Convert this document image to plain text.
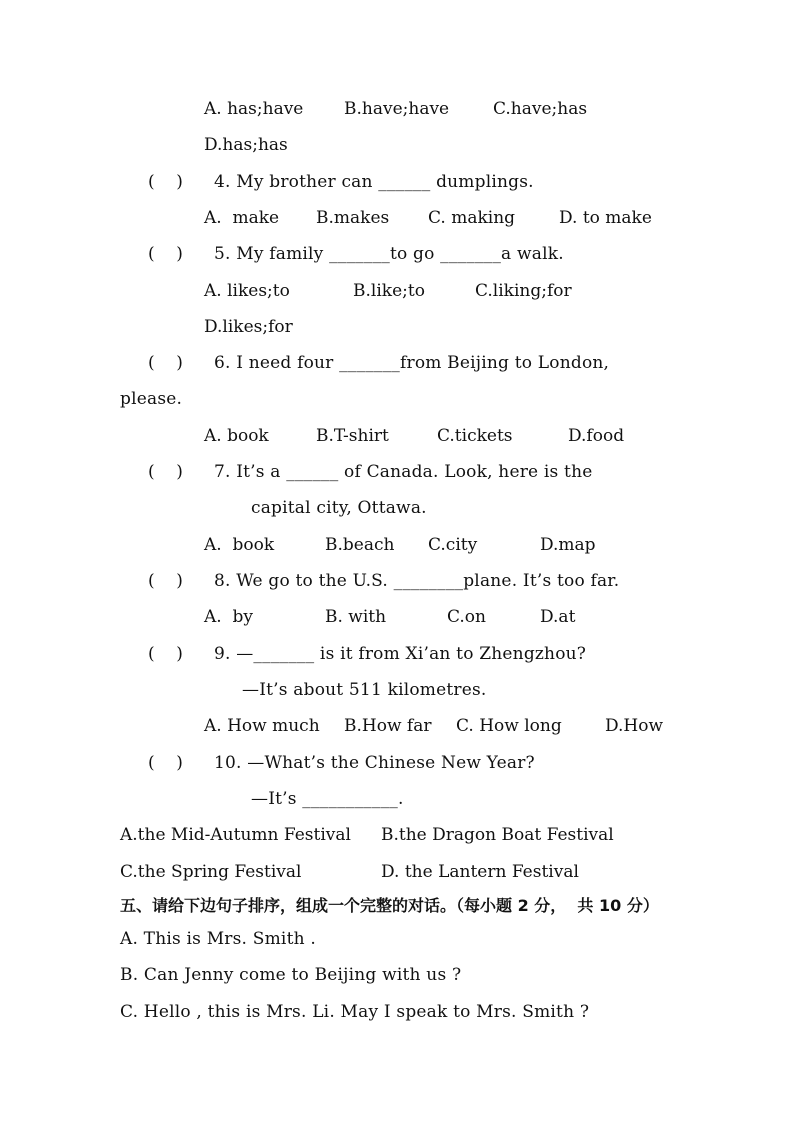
A. has;have B.have;have	C.have;has
D.has;has
(    ) 4. My brother can ______ dumplings.
A.  make B.makes C. making	D. to make
(    ) 5. My family _______to go _______a walk.
A. likes;to	B.like;to	C.liking;for
D.likes;for
(    ) 6. I need four _______from Beijing to London,
please.
A. book	B.T-shirt	C.tickets	D.food
(    ) 7. It’s a ______ of Canada. Look, here is the
capital city, Ottawa.
A.  book	B.beach C.city	D.map
(    ) 8. We go to the U.S. ________plane. It’s too far.
A.  by	B. with	C.on	D.at
(    ) 9. —_______ is it from Xi’an to Zhengzhou?
—It’s about 511 kilometres.
A. How much B.How far C. How long	D.How
(    ) 10. —What’s the Chinese New Year?
—It’s ___________.
A.the Mid-Autumn Festival B.the Dragon Boat Festival
C.the Spring Festival	D. the Lantern Festival
五、请给下边句子排序，组成一个完整的对话。（每小题 2 分，  共 10 分）
A. This is Mrs. Smith .
B. Can Jenny come to Beijing with us ?
C. Hello , this is Mrs. Li. May I speak to Mrs. Smith ?
